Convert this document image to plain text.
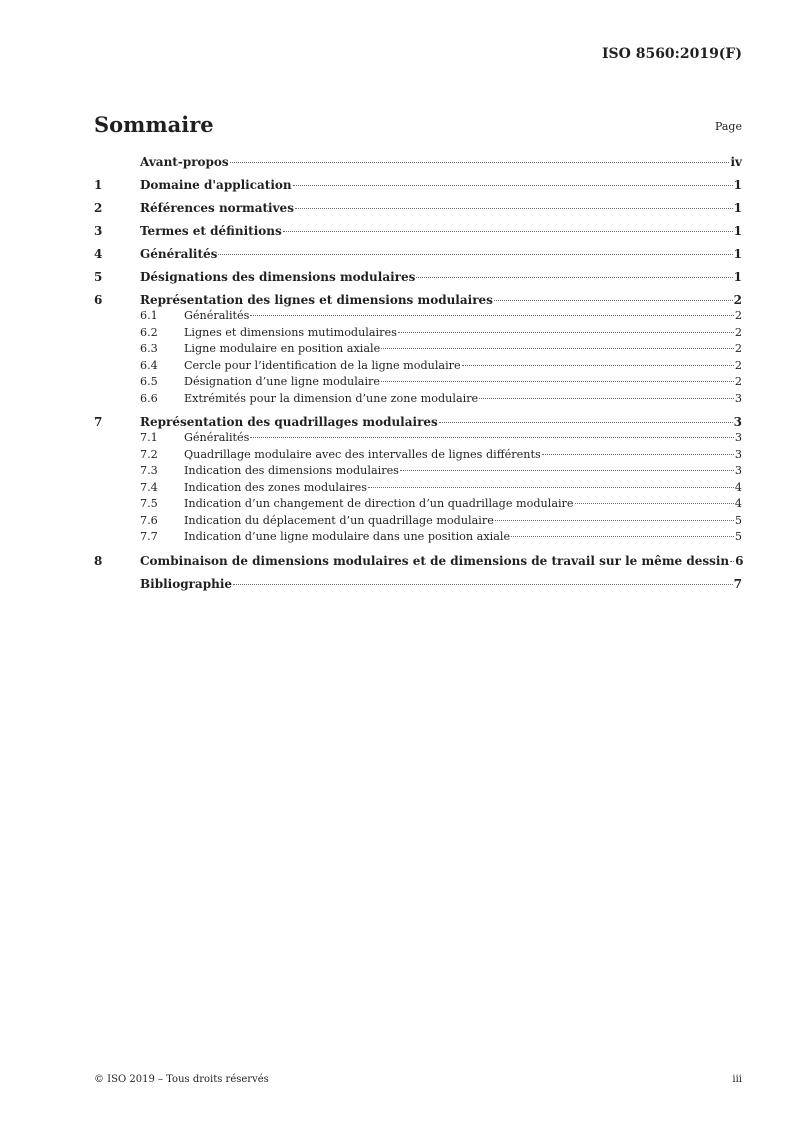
ISO 8560:2019(F)
Sommaire	Page
Avant-propos	iv
1	Domaine d'application	1
2	Références normatives	1
3	Termes et définitions	1
4	Généralités	1
5	Désignations des dimensions modulaires	1
6	Représentation des lignes et dimensions modulaires	2
6.1	Généralités	2
6.2	Lignes et dimensions mutimodulaires	2
6.3	Ligne modulaire en position axiale	2
6.4	Cercle pour l’identification de la ligne modulaire	2
6.5	Désignation d’une ligne modulaire	2
6.6	Extrémités pour la dimension d’une zone modulaire	3
7	Représentation des quadrillages modulaires	3
7.1	Généralités	3
7.2	Quadrillage modulaire avec des intervalles de lignes différents	3
7.3	Indication des dimensions modulaires	3
7.4	Indication des zones modulaires	4
7.5	Indication d’un changement de direction d’un quadrillage modulaire	4
7.6	Indication du déplacement d’un quadrillage modulaire	5
7.7	Indication d’une ligne modulaire dans une position axiale	5
8	Combinaison de dimensions modulaires et de dimensions de travail sur le même dessin 6
Bibliographie	7
© ISO 2019 – Tous droits réservés	iii
